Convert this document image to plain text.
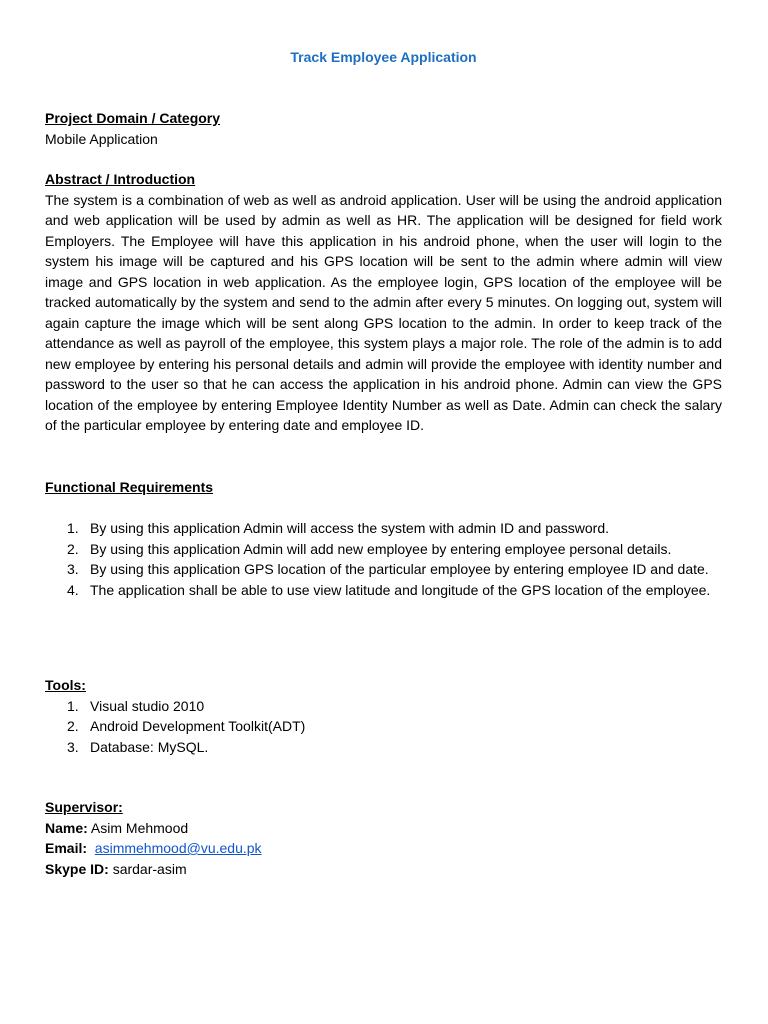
Track Employee Application
Project Domain / Category
Mobile Application
Abstract / Introduction
The system is a combination of web as well as android application. User will be using the android application and web application will be used by admin as well as HR. The application will be designed for field work Employers. The Employee will have this application in his android phone, when the user will login to the system his image will be captured and his GPS location will be sent to the admin where admin will view image and GPS location in web application. As the employee login, GPS location of the employee will be tracked automatically by the system and send to the admin after every 5 minutes. On logging out, system will again capture the image which will be sent along GPS location to the admin. In order to keep track of the attendance as well as payroll of the employee, this system plays a major role. The role of the admin is to add new employee by entering his personal details and admin will provide the employee with identity number and password to the user so that he can access the application in his android phone. Admin can view the GPS location of the employee by entering Employee Identity Number as well as Date. Admin can check the salary of the particular employee by entering date and employee ID.
Functional Requirements
1. By using this application Admin will access the system with admin ID and password.
2. By using this application Admin will add new employee by entering employee personal details.
3. By using this application GPS location of the particular employee by entering employee ID and date.
4. The application shall be able to use view latitude and longitude of the GPS location of the employee.
Tools:
1. Visual studio 2010
2. Android Development Toolkit(ADT)
3. Database: MySQL.
Supervisor:
Name: Asim Mehmood
Email: asimmehmood@vu.edu.pk
Skype ID: sardar-asim
